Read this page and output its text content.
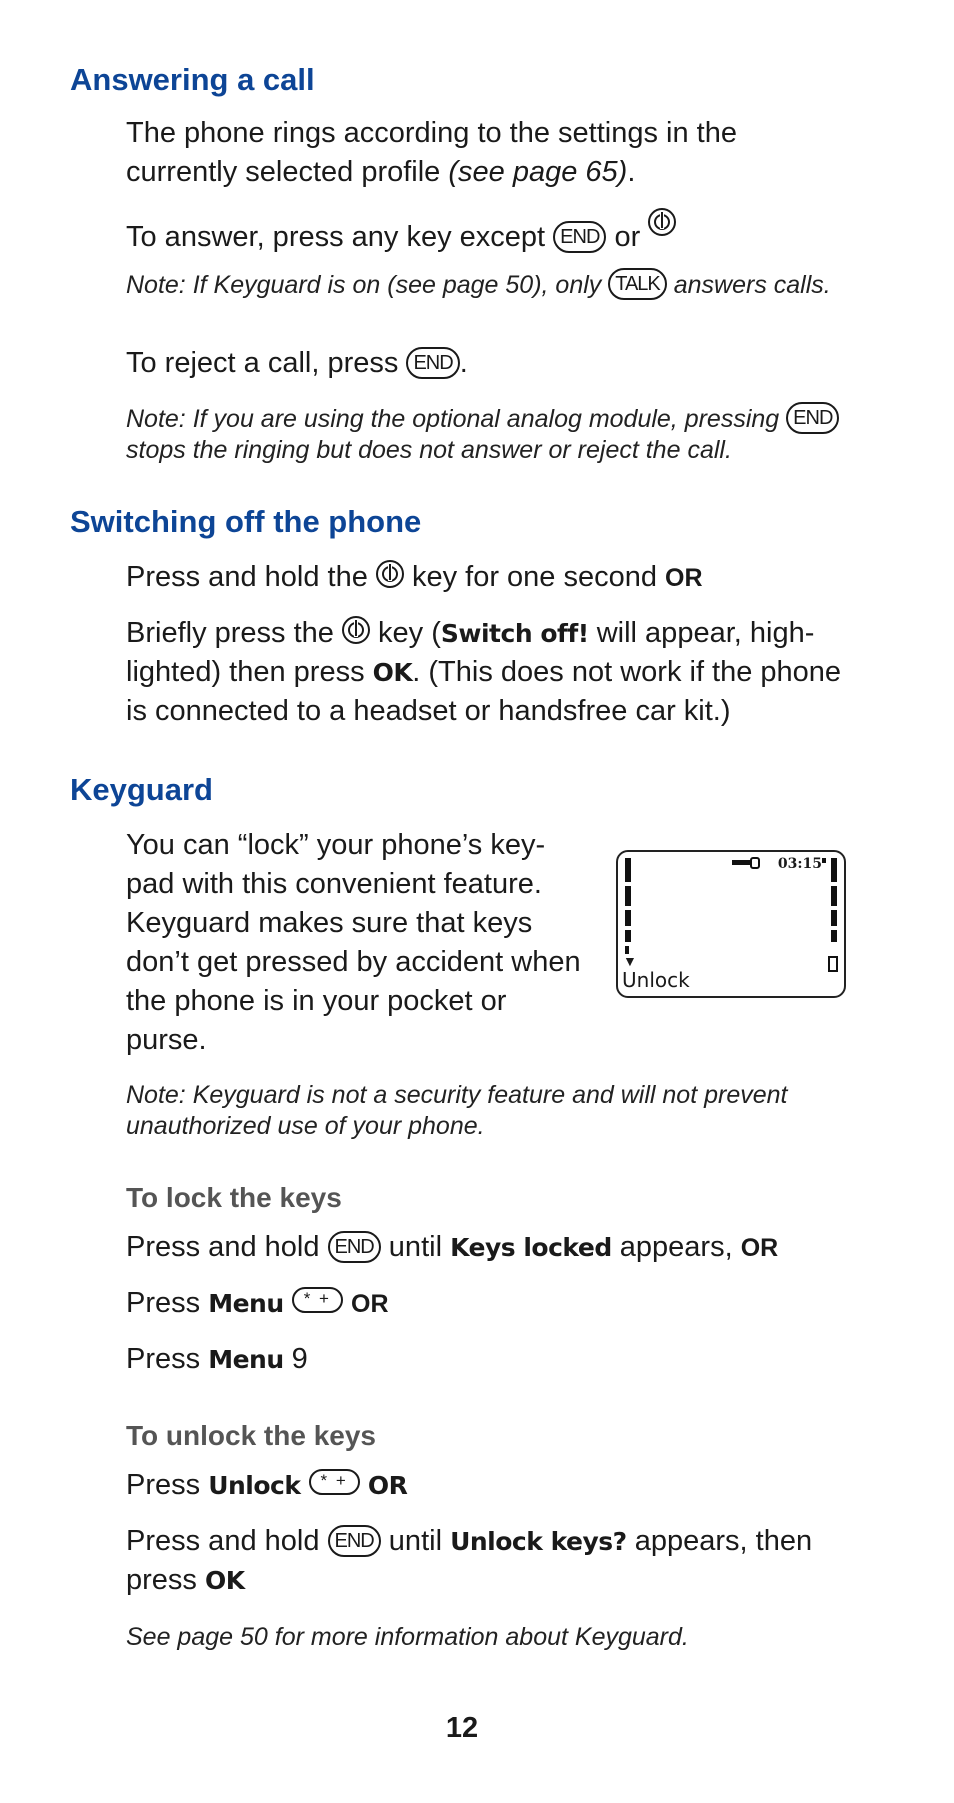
Answering a call

The phone rings according to the settings in the currently selected profile (see page 65).

To answer, press any key except END or

Note: If Keyguard is on (see page 50), only TALK answers calls.

To reject a call, press END .

Note: If you are using the optional analog module, pressing END stops the ringing but does not answer or reject the call.

Switching off the phone

Press and hold the  key for one second OR

Briefly press the  key (Switch off! will appear, high-lighted) then press OK. (This does not work if the phone is connected to a headset or handsfree car kit.)

Keyguard

You can “lock” your phone’s key-pad with this convenient feature. Keyguard makes sure that keys don’t get pressed by accident when the phone is in your pocket or purse.

▼
03:15
Unlock

Note: Keyguard is not a security feature and will not prevent unauthorized use of your phone.

To lock the keys

Press and hold END until Keys locked appears, OR

Press Menu * + OR

Press Menu 9

To unlock the keys

Press Unlock * + OR

Press and hold END until Unlock keys? appears, then press OK

See page 50 for more information about Keyguard.

12
